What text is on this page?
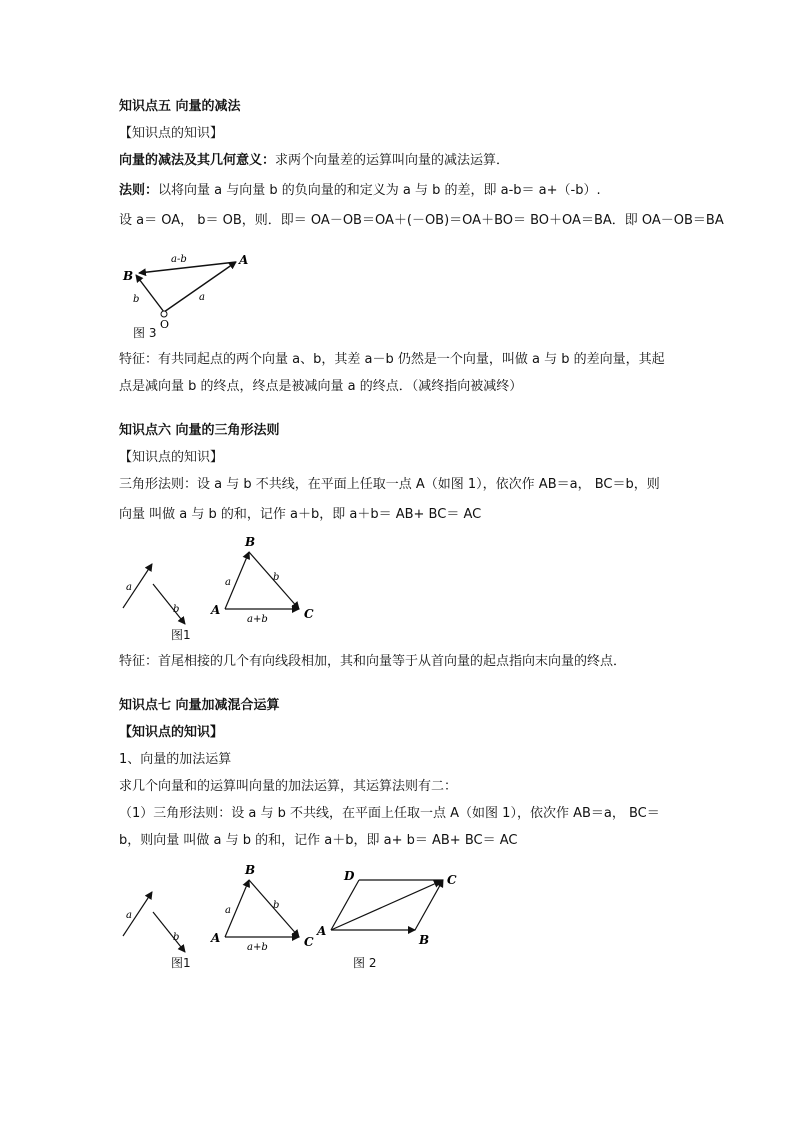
知识点五 向量的减法

【知识点的知识】

向量的减法及其几何意义：求两个向量差的运算叫向量的减法运算．

法则：以将向量 a 与向量 b 的负向量的和定义为 a 与 b 的差，即 a-b＝ a+（-b）.

设 a＝ OA， b＝ OB，则．即＝ OA－OB＝OA＋(－OB)＝OA＋BO＝ BO＋OA＝BA．即 OA－OB＝BA

B
A
O
b	a
a-b

图 3

特征：有共同起点的两个向量 a、b，其差 a－b 仍然是一个向量，叫做 a 与 b 的差向量，其起

点是减向量 b 的终点，终点是被减向量 a 的终点．（减终指向被减终）

知识点六 向量的三角形法则

【知识点的知识】

三角形法则：设 a 与 b 不共线，在平面上任取一点 A（如图 1），依次作 AB＝a， BC＝b，则

向量 叫做 a 与 b 的和，记作 a＋b，即 a＋b＝ AB+ BC＝ AC

a
b	A
B
C
a	b
a+b

图1

特征：首尾相接的几个有向线段相加，其和向量等于从首向量的起点指向末向量的终点．

知识点七 向量加减混合运算

【知识点的知识】

1、向量的加法运算

求几个向量和的运算叫向量的加法运算，其运算法则有二：

（1）三角形法则：设 a 与 b 不共线，在平面上任取一点 A（如图 1），依次作 AB＝a， BC＝

b，则向量 叫做 a 与 b 的和，记作 a＋b，即 a+ b＝ AB+ BC＝ AC

a
b	A
B
C
a	b
a+b
A
B
C
D
图1	图 2
